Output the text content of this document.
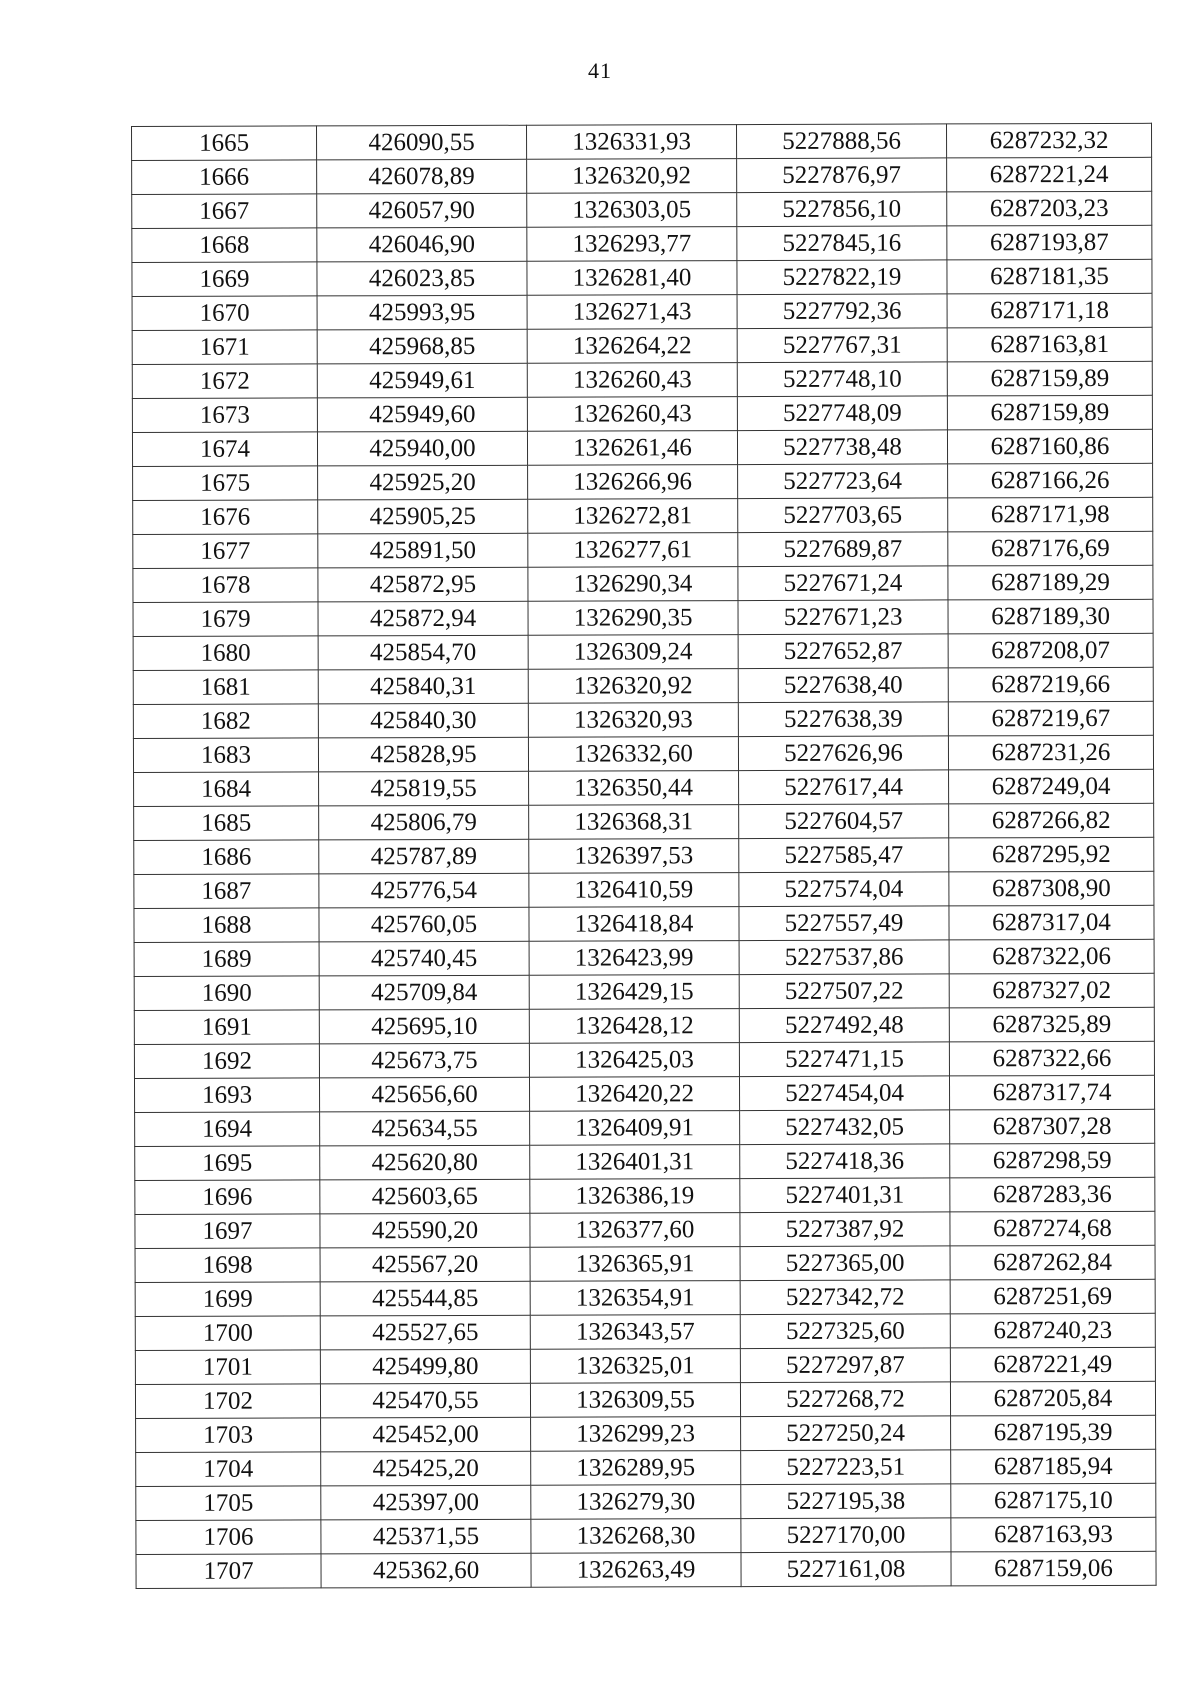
41
1665	426090,55	1326331,93	5227888,56	6287232,32
1666	426078,89	1326320,92	5227876,97	6287221,24
1667	426057,90	1326303,05	5227856,10	6287203,23
1668	426046,90	1326293,77	5227845,16	6287193,87
1669	426023,85	1326281,40	5227822,19	6287181,35
1670	425993,95	1326271,43	5227792,36	6287171,18
1671	425968,85	1326264,22	5227767,31	6287163,81
1672	425949,61	1326260,43	5227748,10	6287159,89
1673	425949,60	1326260,43	5227748,09	6287159,89
1674	425940,00	1326261,46	5227738,48	6287160,86
1675	425925,20	1326266,96	5227723,64	6287166,26
1676	425905,25	1326272,81	5227703,65	6287171,98
1677	425891,50	1326277,61	5227689,87	6287176,69
1678	425872,95	1326290,34	5227671,24	6287189,29
1679	425872,94	1326290,35	5227671,23	6287189,30
1680	425854,70	1326309,24	5227652,87	6287208,07
1681	425840,31	1326320,92	5227638,40	6287219,66
1682	425840,30	1326320,93	5227638,39	6287219,67
1683	425828,95	1326332,60	5227626,96	6287231,26
1684	425819,55	1326350,44	5227617,44	6287249,04
1685	425806,79	1326368,31	5227604,57	6287266,82
1686	425787,89	1326397,53	5227585,47	6287295,92
1687	425776,54	1326410,59	5227574,04	6287308,90
1688	425760,05	1326418,84	5227557,49	6287317,04
1689	425740,45	1326423,99	5227537,86	6287322,06
1690	425709,84	1326429,15	5227507,22	6287327,02
1691	425695,10	1326428,12	5227492,48	6287325,89
1692	425673,75	1326425,03	5227471,15	6287322,66
1693	425656,60	1326420,22	5227454,04	6287317,74
1694	425634,55	1326409,91	5227432,05	6287307,28
1695	425620,80	1326401,31	5227418,36	6287298,59
1696	425603,65	1326386,19	5227401,31	6287283,36
1697	425590,20	1326377,60	5227387,92	6287274,68
1698	425567,20	1326365,91	5227365,00	6287262,84
1699	425544,85	1326354,91	5227342,72	6287251,69
1700	425527,65	1326343,57	5227325,60	6287240,23
1701	425499,80	1326325,01	5227297,87	6287221,49
1702	425470,55	1326309,55	5227268,72	6287205,84
1703	425452,00	1326299,23	5227250,24	6287195,39
1704	425425,20	1326289,95	5227223,51	6287185,94
1705	425397,00	1326279,30	5227195,38	6287175,10
1706	425371,55	1326268,30	5227170,00	6287163,93
1707	425362,60	1326263,49	5227161,08	6287159,06
